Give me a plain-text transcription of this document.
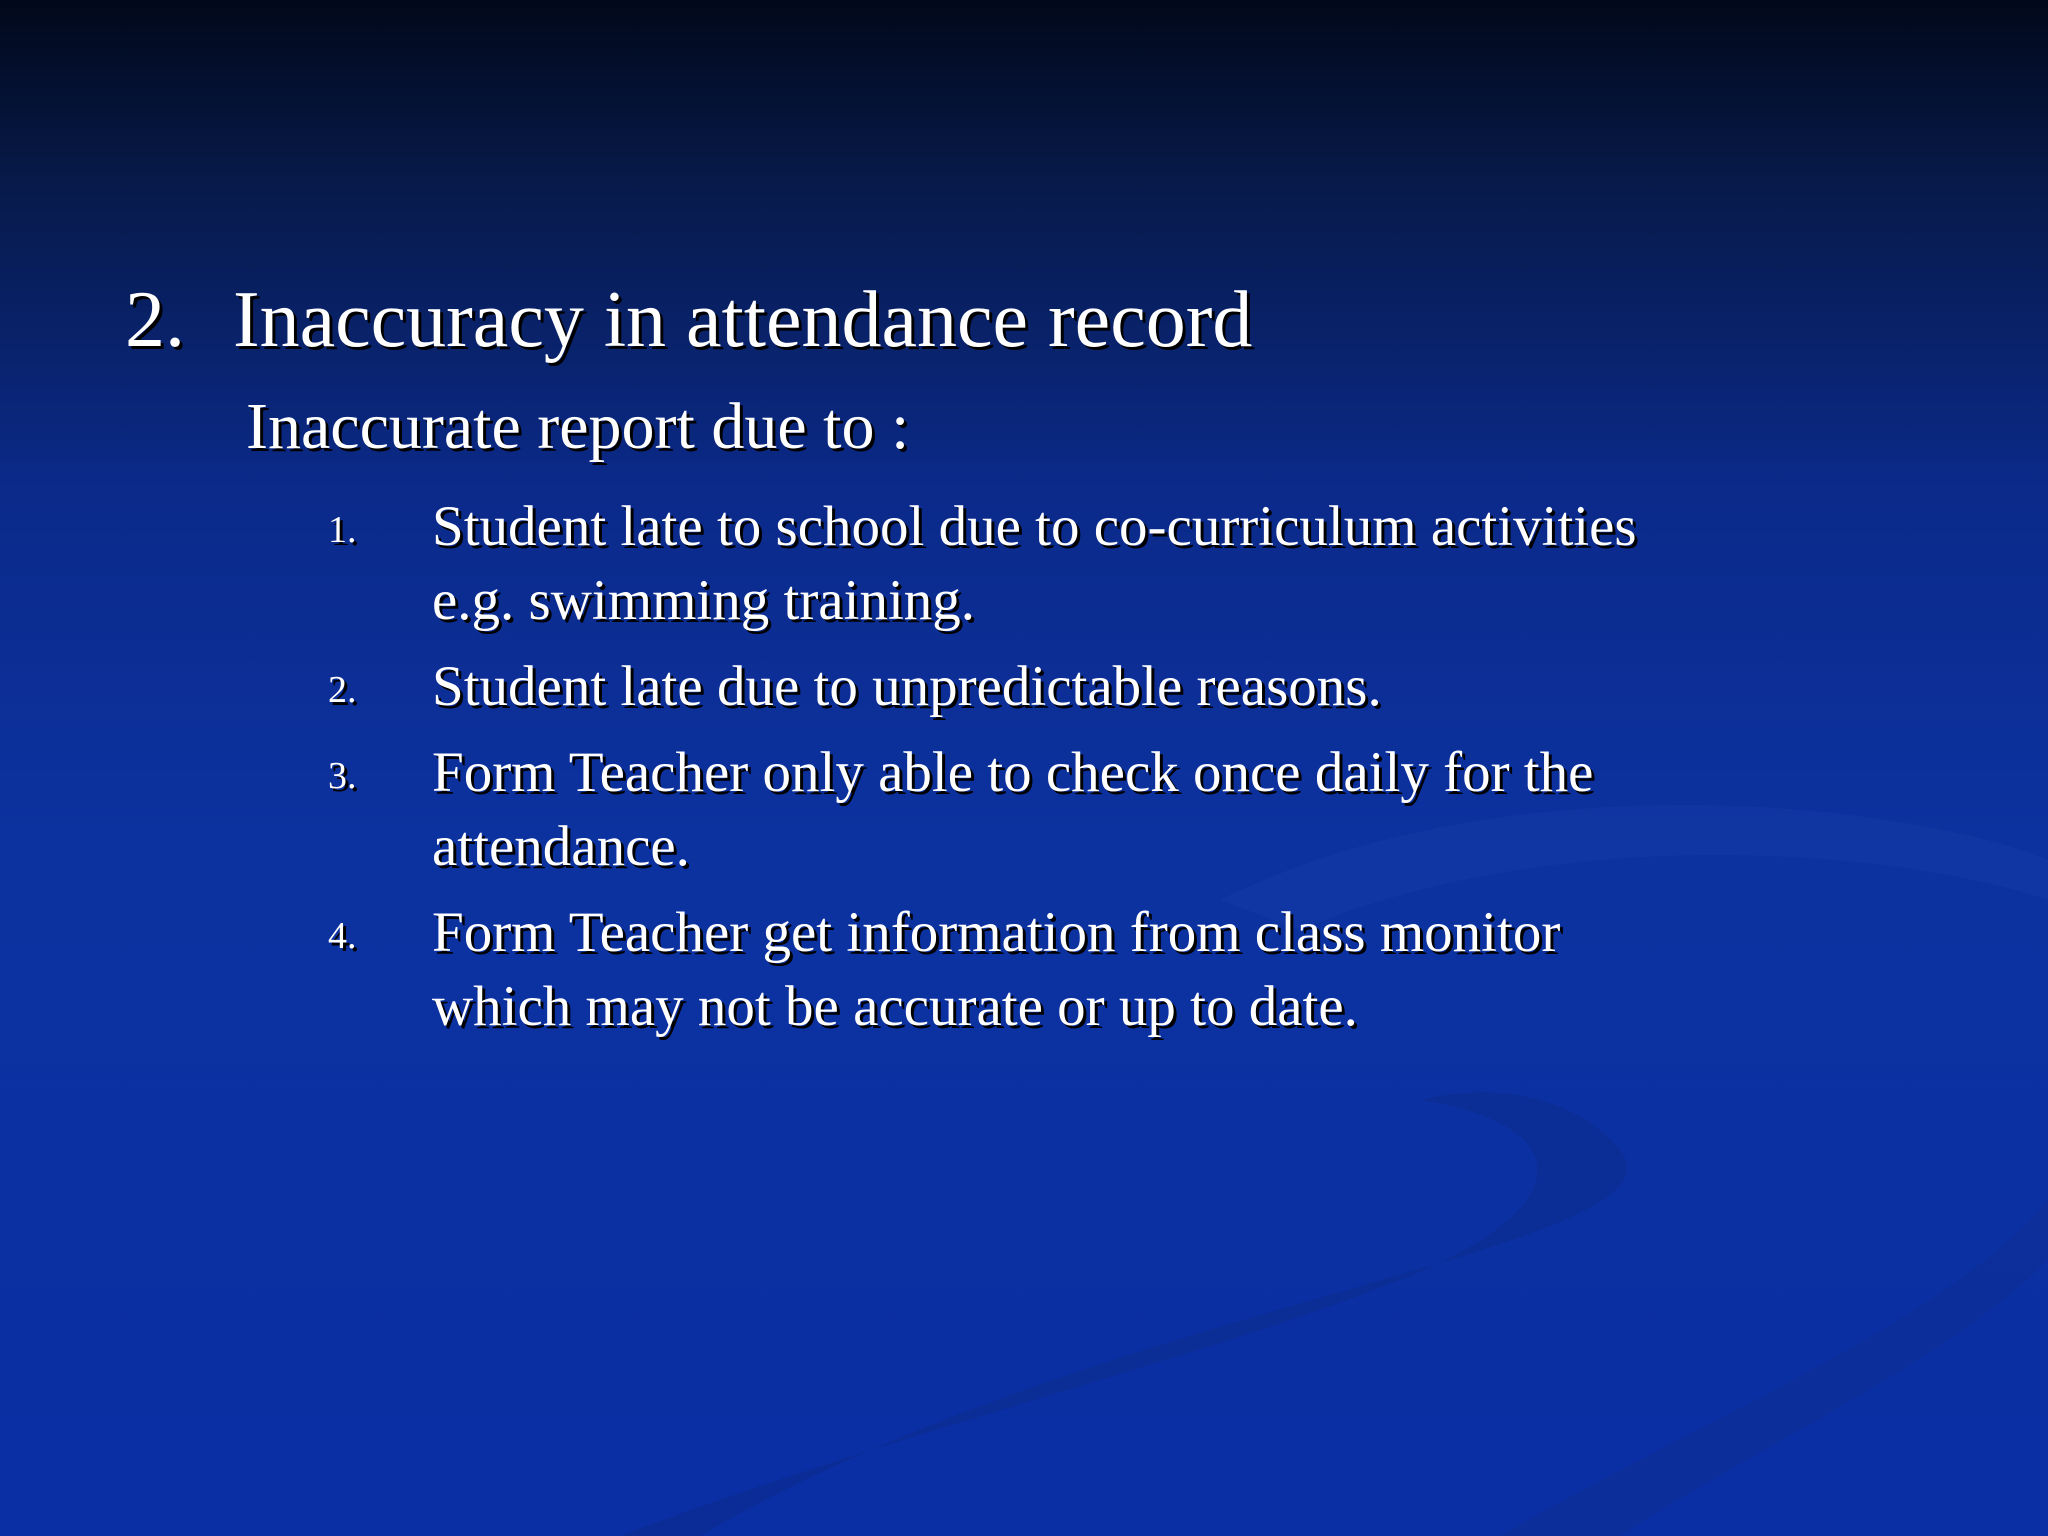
2. Inaccuracy in attendance record
Inaccurate report due to :
1. Student late to school due to co-curriculum activities
e.g. swimming training.
2. Student late due to unpredictable reasons.
3. Form Teacher only able to check once daily for the
attendance.
4. Form Teacher get information from class monitor
which may not be accurate or up to date.
